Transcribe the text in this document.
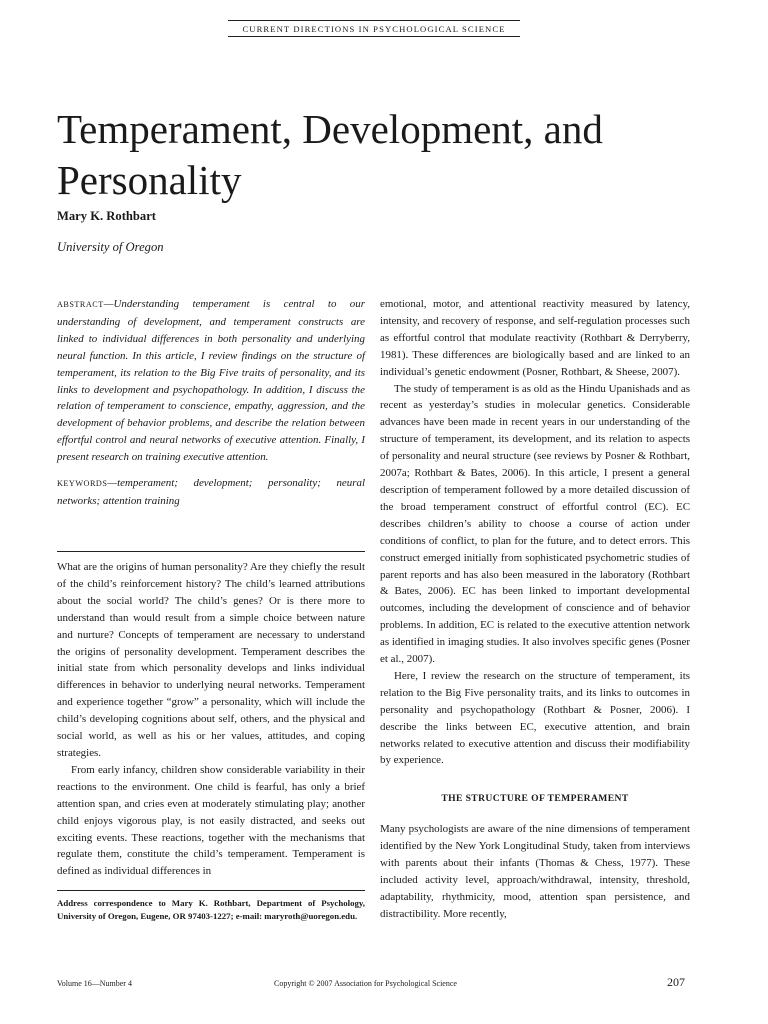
CURRENT DIRECTIONS IN PSYCHOLOGICAL SCIENCE
Temperament, Development, and Personality
Mary K. Rothbart
University of Oregon

ABSTRACT—Understanding temperament is central to our understanding of development, and temperament constructs are linked to individual differences in both personality and underlying neural function. In this article, I review findings on the structure of temperament, its relation to the Big Five traits of personality, and its links to development and psychopathology. In addition, I discuss the relation of temperament to conscience, empathy, aggression, and the development of behavior problems, and describe the relation between effortful control and neural networks of executive attention. Finally, I present research on training executive attention.

KEYWORDS—temperament; development; personality; neural networks; attention training

What are the origins of human personality? Are they chiefly the result of the child’s reinforcement history? The child’s learned attributions about the social world? The child’s genes? Or is there more to understand than would result from a simple choice between nature and nurture? Concepts of temperament are necessary to understand the origins of personality development. Temperament describes the initial state from which personality develops and links individual differences in behavior to underlying neural networks. Temperament and experience together “grow” a personality, which will include the child’s developing cognitions about self, others, and the physical and social world, as well as his or her values, attitudes, and coping strategies.

From early infancy, children show considerable variability in their reactions to the environment. One child is fearful, has only a brief attention span, and cries even at moderately stimulating play; another child enjoys vigorous play, is not easily distracted, and seeks out exciting events. These reactions, together with the mechanisms that regulate them, constitute the child’s temperament. Temperament is defined as individual differences in

Address correspondence to Mary K. Rothbart, Department of Psychology, University of Oregon, Eugene, OR 97403-1227; e-mail: maryroth@uoregon.edu.

emotional, motor, and attentional reactivity measured by latency, intensity, and recovery of response, and self-regulation processes such as effortful control that modulate reactivity (Rothbart & Derryberry, 1981). These differences are biologically based and are linked to an individual’s genetic endowment (Posner, Rothbart, & Sheese, 2007).

The study of temperament is as old as the Hindu Upanishads and as recent as yesterday’s studies in molecular genetics. Considerable advances have been made in recent years in our understanding of the structure of temperament, its development, and its relation to aspects of personality and neural structure (see reviews by Posner & Rothbart, 2007a; Rothbart & Bates, 2006). In this article, I present a general description of temperament followed by a more detailed discussion of the broad temperament construct of effortful control (EC). EC describes children’s ability to choose a course of action under conditions of conflict, to plan for the future, and to detect errors. This construct emerged initially from sophisticated psychometric studies of parent reports and has also been measured in the laboratory (Rothbart & Bates, 2006). EC has been linked to important developmental outcomes, including the development of conscience and of behavior problems. In addition, EC is related to the executive attention network as identified in imaging studies. It also involves specific genes (Posner et al., 2007).

Here, I review the research on the structure of temperament, its relation to the Big Five personality traits, and its links to outcomes in personality and psychopathology (Rothbart & Posner, 2006). I describe the links between EC, executive attention, and brain networks related to executive attention and discuss their modifiability by experience.

THE STRUCTURE OF TEMPERAMENT

Many psychologists are aware of the nine dimensions of temperament identified by the New York Longitudinal Study, taken from interviews with parents about their infants (Thomas & Chess, 1977). These included activity level, approach/withdrawal, intensity, threshold, adaptability, rhythmicity, mood, attention span persistence, and distractibility. More recently,

Volume 16—Number 4	Copyright © 2007 Association for Psychological Science	207
